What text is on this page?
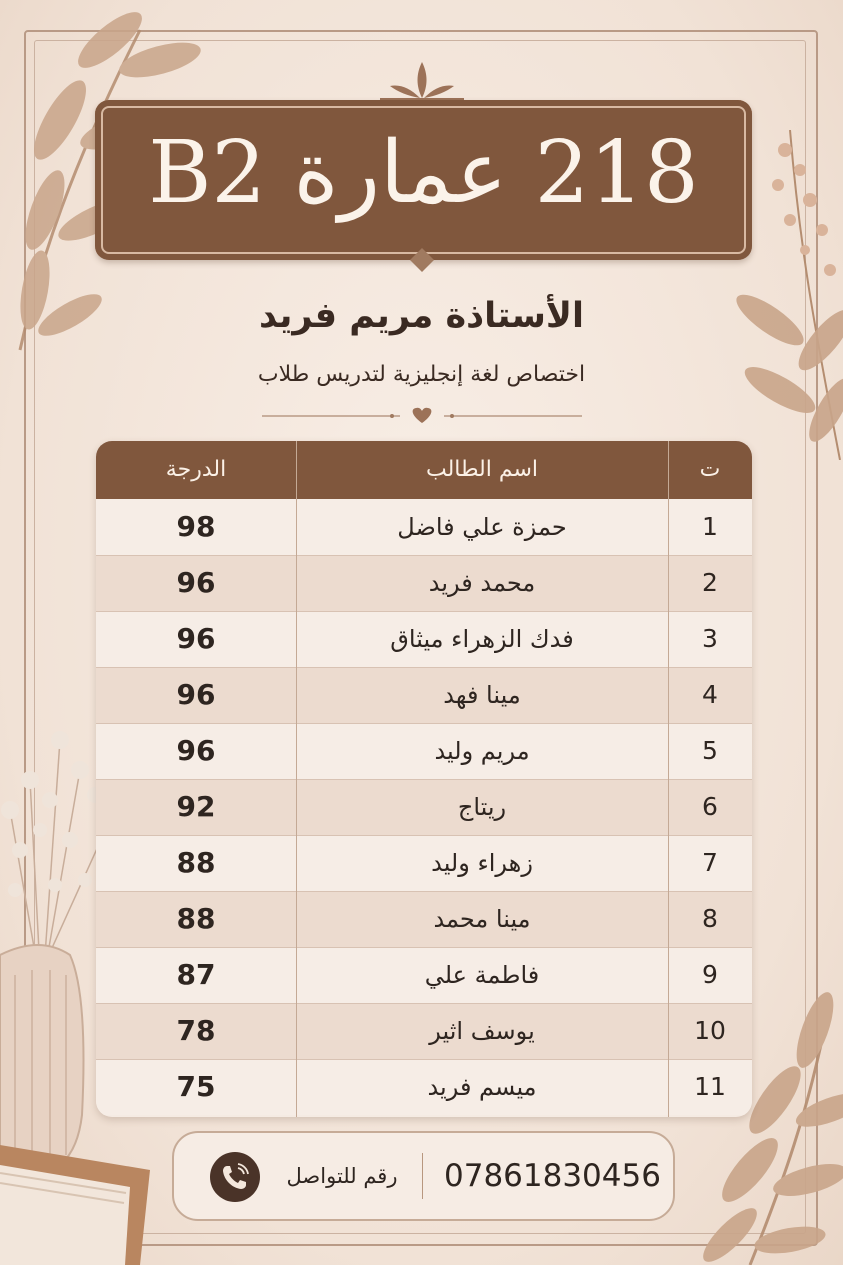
218 عمارة B2
الأستاذة مريم فريد
اختصاص لغة إنجليزية لتدريس طلاب
ت
اسم الطالب
الدرجة
1
حمزة علي فاضل
98
2
محمد فريد
96
3
فدك الزهراء ميثاق
96
4
مينا فهد
96
5
مريم وليد
96
6
ريتاج
92
7
زهراء وليد
88
8
مينا محمد
88
9
فاطمة علي
87
10
يوسف اثير
78
11
ميسم فريد
75
07861830456
رقم للتواصل
